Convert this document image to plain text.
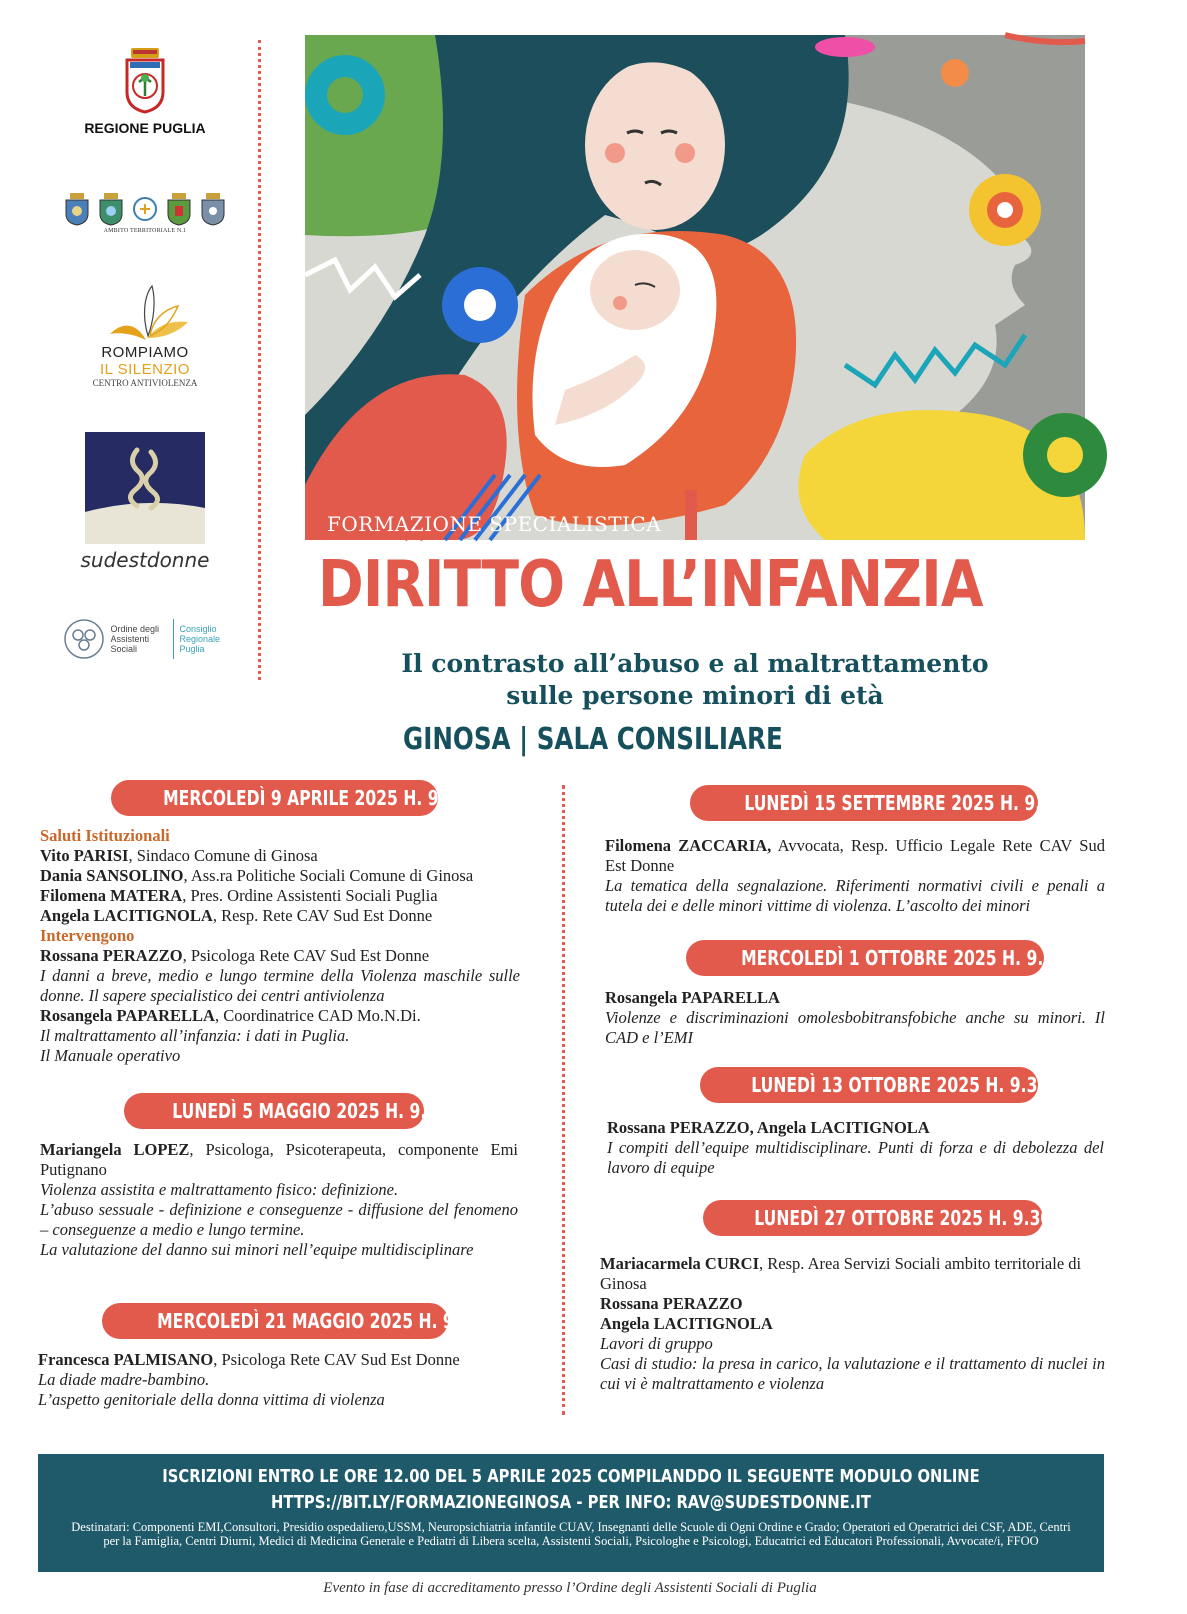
REGIONE PUGLIA
AMBITO TERRITORIALE N.1
ROMPIAMO
IL SILENZIO
CENTRO ANTIVIOLENZA
sudestdonne
Ordine degli Assistenti Sociali
Consiglio Regionale Puglia
FORMAZIONE SPECIALISTICA
DIRITTO ALL’INFANZIA
Il contrasto all’abuso e al maltrattamento
sulle persone minori di età
GINOSA | SALA CONSILIARE
MERCOLEDÌ 9 APRILE 2025 H. 9.30 - 13.30

Saluti Istituzionali

Vito PARISI, Sindaco Comune di Ginosa

Dania SANSOLINO, Ass.ra Politiche Sociali Comune di Ginosa

Filomena MATERA, Pres. Ordine Assistenti Sociali Puglia

Angela LACITIGNOLA, Resp. Rete CAV Sud Est Donne

Intervengono

Rossana PERAZZO, Psicologa Rete CAV Sud Est Donne

I danni a breve, medio e lungo termine della Violenza maschile sulle donne. Il sapere specialistico dei centri antiviolenza

Rosangela PAPARELLA, Coordinatrice CAD Mo.N.Di.

Il maltrattamento all’infanzia: i dati in Puglia.

Il Manuale operativo

LUNEDÌ 5 MAGGIO 2025 H. 9.30 - 13.30

Mariangela LOPEZ, Psicologa, Psicoterapeuta, componente Emi Putignano

Violenza assistita e maltrattamento fisico: definizione.

L’abuso sessuale - definizione e conseguenze - diffusione del fenomeno – conseguenze a medio e lungo termine.

La valutazione del danno sui minori nell’equipe multidisciplinare

MERCOLEDÌ 21 MAGGIO 2025 H. 9.30 - 13.30

Francesca PALMISANO, Psicologa Rete CAV Sud Est Donne

La diade madre-bambino.

L’aspetto genitoriale della donna vittima di violenza

LUNEDÌ 15 SETTEMBRE 2025 H. 9.30 - 13.30

Filomena ZACCARIA, Avvocata, Resp. Ufficio Legale Rete CAV Sud Est Donne

La tematica della segnalazione. Riferimenti normativi civili e penali a tutela dei e delle minori vittime di violenza. L’ascolto dei minori

MERCOLEDÌ 1 OTTOBRE 2025 H. 9.30 - 12.30

Rosangela PAPARELLA

Violenze e discriminazioni omolesbobitransfobiche anche su minori. Il CAD e l’EMI

LUNEDÌ 13 OTTOBRE 2025 H. 9.30 - 12.30

Rossana PERAZZO, Angela LACITIGNOLA

I compiti dell’equipe multidisciplinare. Punti di forza e di debolezza del lavoro di equipe

LUNEDÌ 27 OTTOBRE 2025 H. 9.30 - 12.30

Mariacarmela CURCI, Resp. Area Servizi Sociali ambito territoriale di Ginosa

Rossana PERAZZO

Angela LACITIGNOLA

Lavori di gruppo

Casi di studio: la presa in carico, la valutazione e il trattamento di nuclei in cui vi è maltrattamento e violenza

ISCRIZIONI ENTRO LE ORE 12.00 DEL 5 APRILE 2025 COMPILANDDO IL SEGUENTE MODULO ONLINE
HTTPS://BIT.LY/FORMAZIONEGINOSA - PER INFO: RAV@SUDESTDONNE.IT
Destinatari: Componenti EMI,Consultori, Presidio ospedaliero,USSM, Neuropsichiatria infantile CUAV, Insegnanti delle Scuole di Ogni Ordine e Grado; Operatori ed Operatrici dei CSF, ADE, Centri per la Famiglia, Centri Diurni, Medici di Medicina Generale e Pediatri di Libera scelta, Assistenti Sociali, Psicologhe e Psicologi, Educatrici ed Educatori Professionali, Avvocate/i, FFOO
Evento in fase di accreditamento presso l’Ordine degli Assistenti Sociali di Puglia
